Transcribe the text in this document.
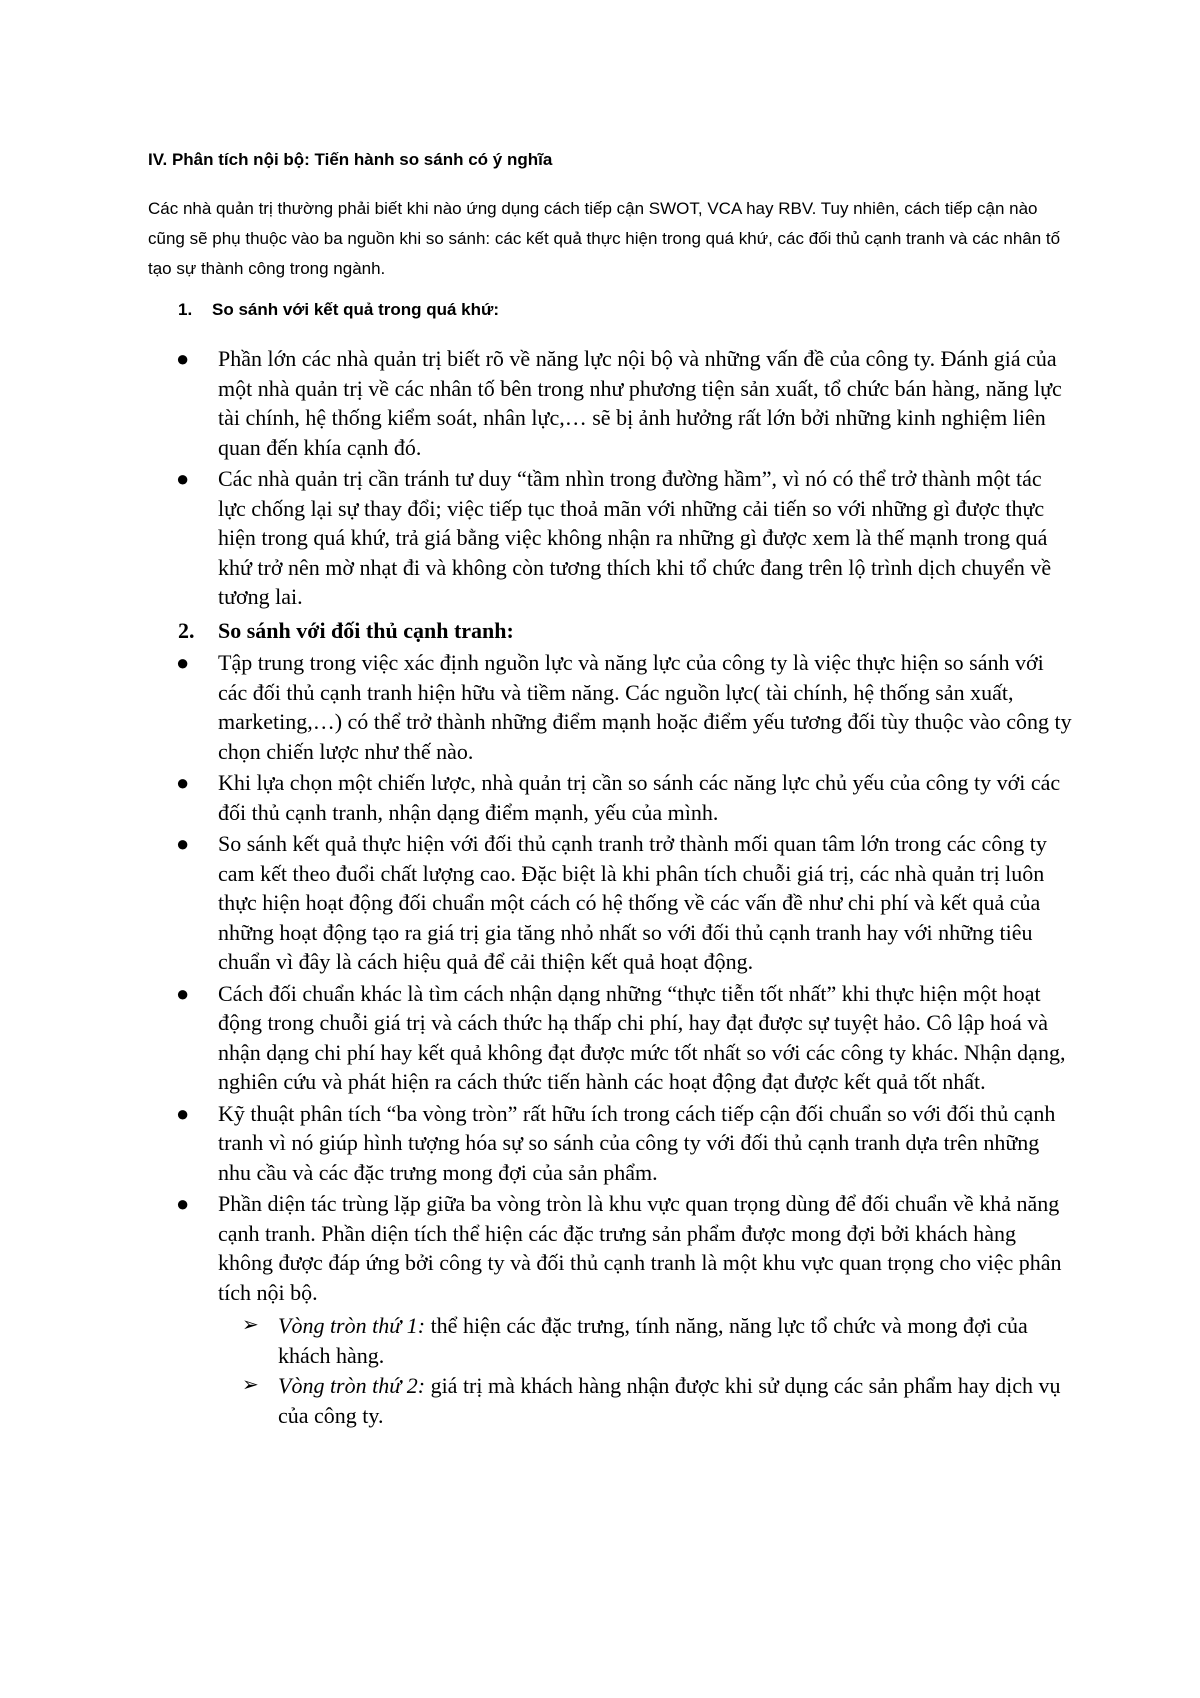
IV. Phân tích nội bộ: Tiến hành so sánh có ý nghĩa
Các nhà quản trị thường phải biết khi nào ứng dụng cách tiếp cận SWOT, VCA hay RBV. Tuy nhiên, cách tiếp cận nào cũng sẽ phụ thuộc vào ba nguồn khi so sánh: các kết quả thực hiện trong quá khứ, các đối thủ cạnh tranh và các nhân tố tạo sự thành công trong ngành.
1. So sánh với kết quả trong quá khứ:
● Phần lớn các nhà quản trị biết rõ về năng lực nội bộ và những vấn đề của công ty. Đánh giá của một nhà quản trị về các nhân tố bên trong như phương tiện sản xuất, tổ chức bán hàng, năng lực tài chính, hệ thống kiểm soát, nhân lực,… sẽ bị ảnh hưởng rất lớn bởi những kinh nghiệm liên quan đến khía cạnh đó.
● Các nhà quản trị cần tránh tư duy “tầm nhìn trong đường hầm”, vì nó có thể trở thành một tác lực chống lại sự thay đổi; việc tiếp tục thoả mãn với những cải tiến so với những gì được thực hiện trong quá khứ, trả giá bằng việc không nhận ra những gì được xem là thế mạnh trong quá khứ trở nên mờ nhạt đi và không còn tương thích khi tổ chức đang trên lộ trình dịch chuyển về tương lai.
2. So sánh với đối thủ cạnh tranh:
● Tập trung trong việc xác định nguồn lực và năng lực của công ty là việc thực hiện so sánh với các đối thủ cạnh tranh hiện hữu và tiềm năng. Các nguồn lực( tài chính, hệ thống sản xuất, marketing,…) có thể trở thành những điểm mạnh hoặc điểm yếu tương đối tùy thuộc vào công ty chọn chiến lược như thế nào.
● Khi lựa chọn một chiến lược, nhà quản trị cần so sánh các năng lực chủ yếu của công ty với các đối thủ cạnh tranh, nhận dạng điểm mạnh, yếu của mình.
● So sánh kết quả thực hiện với đối thủ cạnh tranh trở thành mối quan tâm lớn trong các công ty cam kết theo đuổi chất lượng cao. Đặc biệt là khi phân tích chuỗi giá trị, các nhà quản trị luôn thực hiện hoạt động đối chuẩn một cách có hệ thống về các vấn đề như chi phí và kết quả của những hoạt động tạo ra giá trị gia tăng nhỏ nhất so với đối thủ cạnh tranh hay với những tiêu chuẩn vì đây là cách hiệu quả để cải thiện kết quả hoạt động.
● Cách đối chuẩn khác là tìm cách nhận dạng những “thực tiễn tốt nhất” khi thực hiện một hoạt động trong chuỗi giá trị và cách thức hạ thấp chi phí, hay đạt được sự tuyệt hảo. Cô lập hoá và nhận dạng chi phí hay kết quả không đạt được mức tốt nhất so với các công ty khác. Nhận dạng, nghiên cứu và phát hiện ra cách thức tiến hành các hoạt động đạt được kết quả tốt nhất.
● Kỹ thuật phân tích “ba vòng tròn” rất hữu ích trong cách tiếp cận đối chuẩn so với đối thủ cạnh tranh vì nó giúp hình tượng hóa sự so sánh của công ty với đối thủ cạnh tranh dựa trên những nhu cầu và các đặc trưng mong đợi của sản phẩm.
● Phần diện tác trùng lặp giữa ba vòng tròn là khu vực quan trọng dùng để đối chuẩn về khả năng cạnh tranh. Phần diện tích thể hiện các đặc trưng sản phẩm được mong đợi bởi khách hàng không được đáp ứng bởi công ty và đối thủ cạnh tranh là một khu vực quan trọng cho việc phân tích nội bộ.
➢ Vòng tròn thứ 1: thể hiện các đặc trưng, tính năng, năng lực tổ chức và mong đợi của khách hàng.
➢ Vòng tròn thứ 2: giá trị mà khách hàng nhận được khi sử dụng các sản phẩm hay dịch vụ của công ty.
